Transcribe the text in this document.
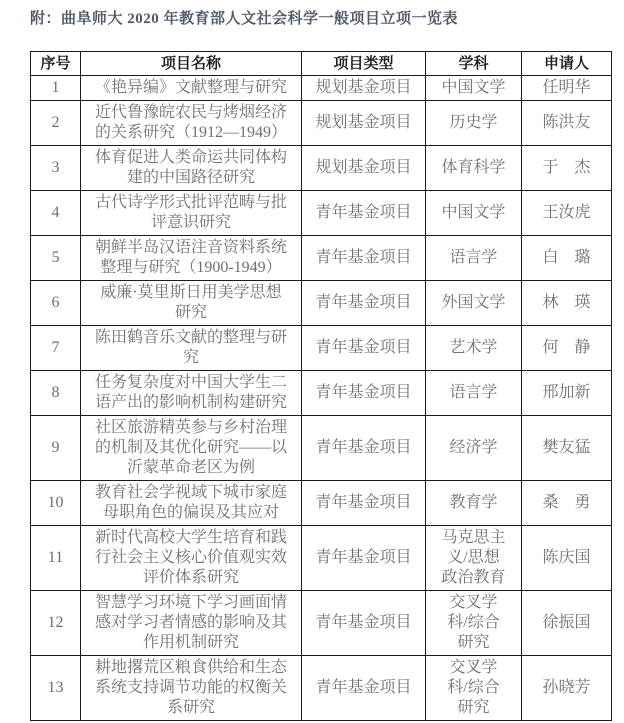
附：曲阜师大 2020 年教育部人文社会科学一般项目立项一览表
序号	项目名称	项目类型	学科	申请人
1	《艳异编》文献整理与研究	规划基金项目	中国文学	任明华
2	近代鲁豫皖农民与烤烟经济的关系研究（1912—1949）	规划基金项目	历史学	陈洪友
3	体育促进人类命运共同体构建的中国路径研究	规划基金项目	体育科学	于　杰
4	古代诗学形式批评范畴与批评意识研究	青年基金项目	中国文学	王汝虎
5	朝鲜半岛汉语注音资料系统整理与研究（1900-1949）	青年基金项目	语言学	白　璐
6	威廉·莫里斯日用美学思想研究	青年基金项目	外国文学	林　瑛
7	陈田鹤音乐文献的整理与研究	青年基金项目	艺术学	何　静
8	任务复杂度对中国大学生二语产出的影响机制构建研究	青年基金项目	语言学	邢加新
9	社区旅游精英参与乡村治理的机制及其优化研究——以沂蒙革命老区为例	青年基金项目	经济学	樊友猛
10	教育社会学视域下城市家庭母职角色的偏误及其应对	青年基金项目	教育学	桑　勇
11	新时代高校大学生培育和践行社会主义核心价值观实效评价体系研究	青年基金项目	马克思主义/思想政治教育	陈庆国
12	智慧学习环境下学习画面情感对学习者情感的影响及其作用机制研究	青年基金项目	交叉学科/综合研究	徐振国
13	耕地撂荒区粮食供给和生态系统支持调节功能的权衡关系研究	青年基金项目	交叉学科/综合研究	孙晓芳
